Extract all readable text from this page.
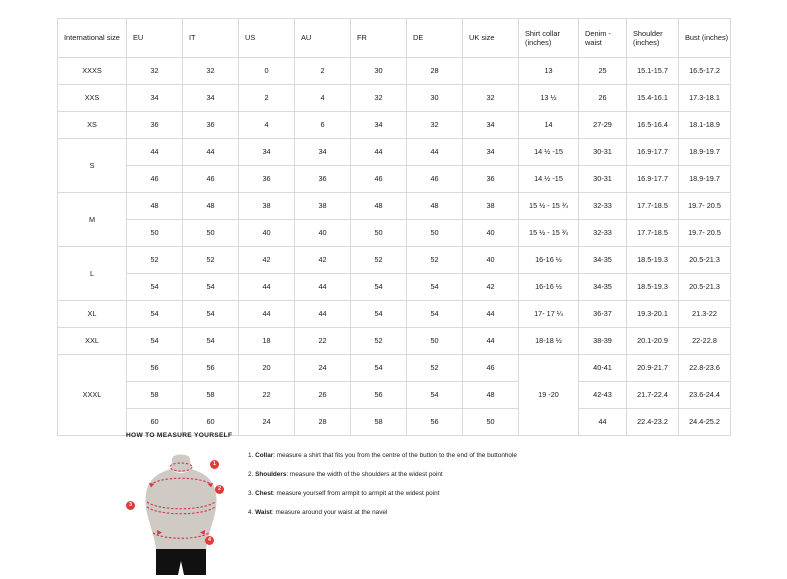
International size	EU	IT	US	AU	FR	DE	UK size	Shirt collar (inches)	Denim - waist	Shoulder (inches)	Bust (inches)
XXXS	32	32	0	2	30	28		13	25	15.1-15.7	16.5-17.2
XXS	34	34	2	4	32	30	32	13 ½	26	15.4-16.1	17.3-18.1
XS	36	36	4	6	34	32	34	14	27-29	16.5-16.4	18.1-18.9
S	44	44	34	34	44	44	34	14 ½ -15	30-31	16.9-17.7	18.9-19.7
	46	46	36	36	46	46	36	14 ½ -15	30-31	16.9-17.7	18.9-19.7
M	48	48	38	38	48	48	38	15 ½ - 15 ¾	32-33	17.7-18.5	19.7- 20.5
	50	50	40	40	50	50	40	15 ½ - 15 ¾	32-33	17.7-18.5	19.7- 20.5
L	52	52	42	42	52	52	40	16-16 ½	34-35	18.5-19.3	20.5-21.3
	54	54	44	44	54	54	42	16-16 ½	34-35	18.5-19.3	20.5-21.3
XL	54	54	44	44	54	54	44	17- 17 ¼	36-37	19.3-20.1	21.3-22
XXL	54	54	18	22	52	50	44	18-18 ½	38-39	20.1-20.9	22-22.8
XXXL	56	56	20	24	54	52	46	19 -20	40-41	20.9-21.7	22.8-23.6
	58	58	22	26	56	54	48		42-43	21.7-22.4	23.6-24.4
	60	60	24	28	58	56	50		44	22.4-23.2	24.4-25.2
HOW TO MEASURE YOURSELF
1
2
3
4
1. Collar: measure a shirt that fits you from the centre of the button to the end of the buttonhole
2. Shoulders: measure the width of the shoulders at the widest point
3. Chest: measure yourself from armpit to armpit at the widest point
4. Waist: measure around your waist at the navel
